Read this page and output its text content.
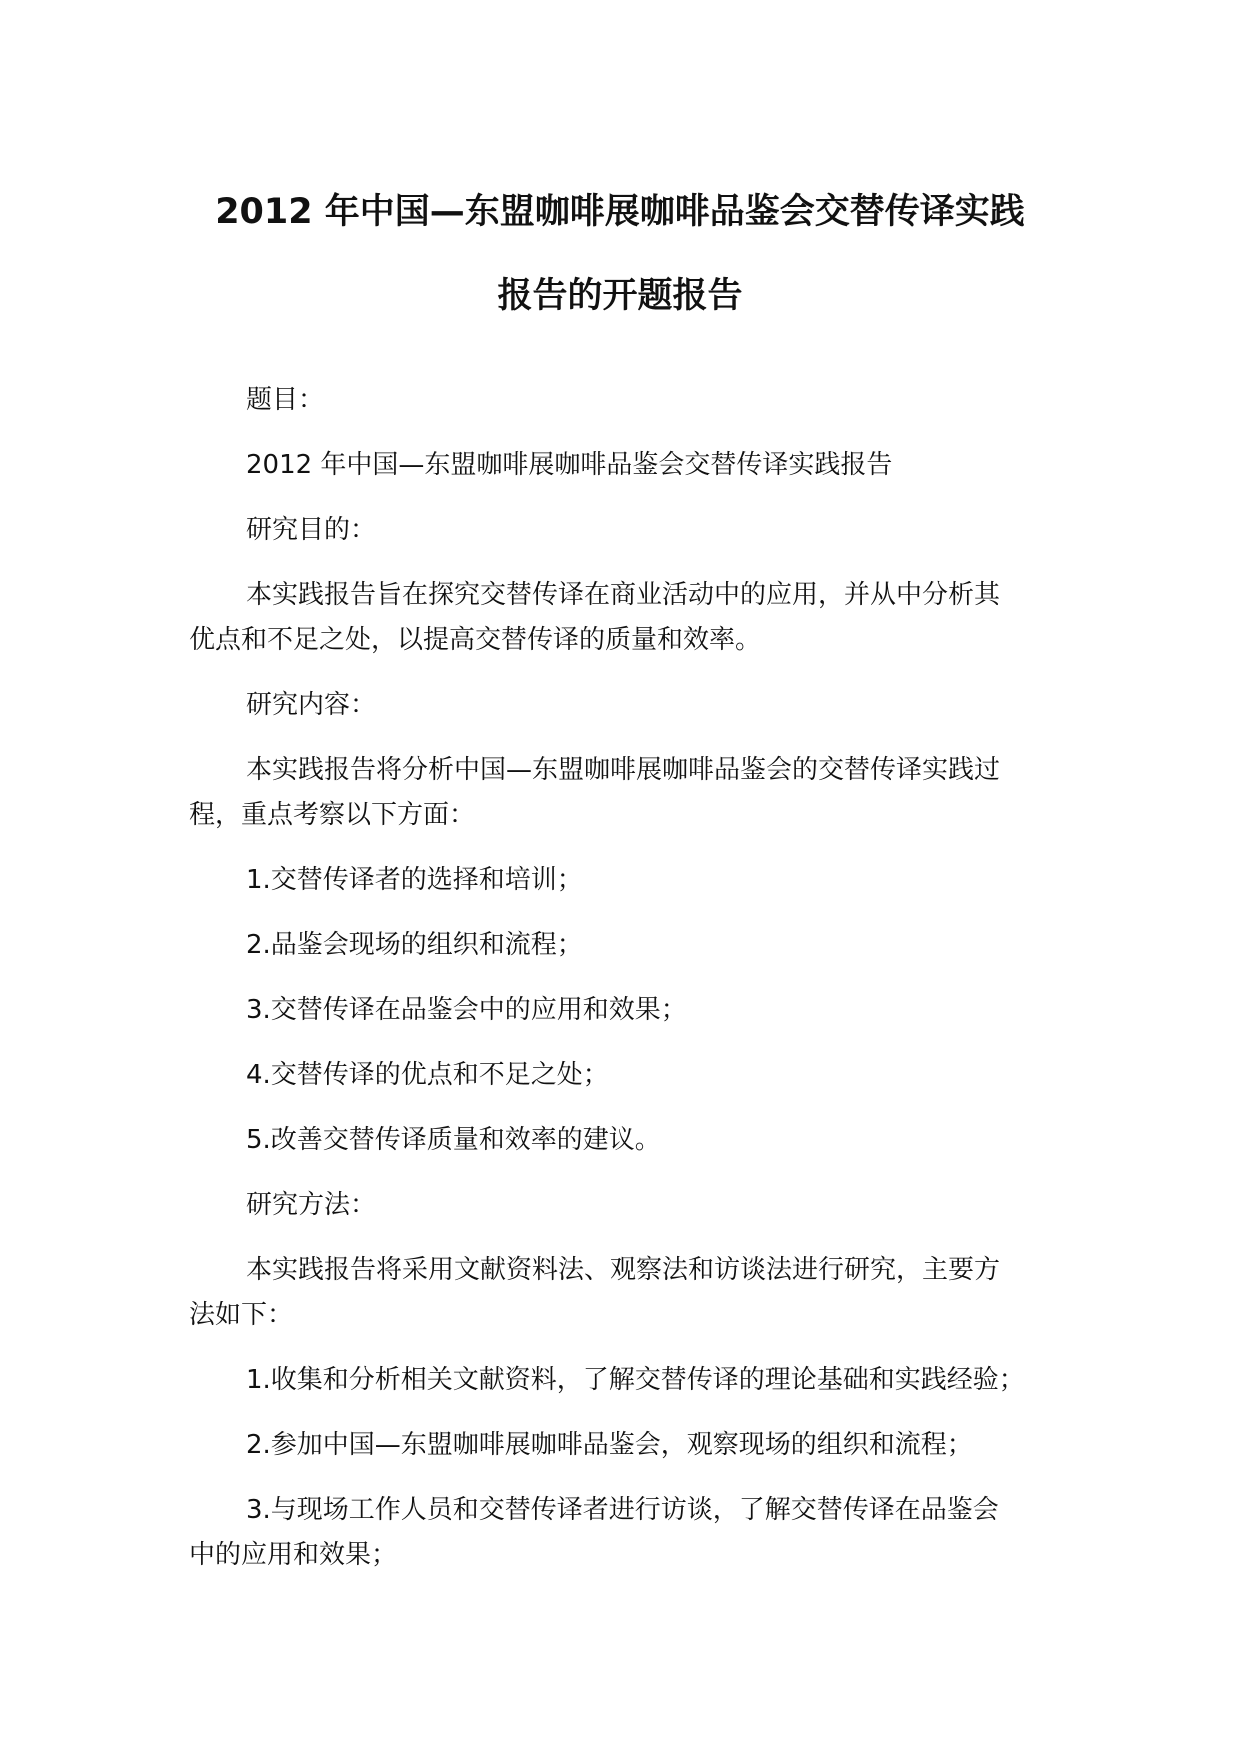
2012 年中国—东盟咖啡展咖啡品鉴会交替传译实践
报告的开题报告

题目：

2012 年中国—东盟咖啡展咖啡品鉴会交替传译实践报告

研究目的：

本实践报告旨在探究交替传译在商业活动中的应用，并从中分析其
优点和不足之处，以提高交替传译的质量和效率。

研究内容：

本实践报告将分析中国—东盟咖啡展咖啡品鉴会的交替传译实践过
程，重点考察以下方面：

1.交替传译者的选择和培训；

2.品鉴会现场的组织和流程；

3.交替传译在品鉴会中的应用和效果；

4.交替传译的优点和不足之处；

5.改善交替传译质量和效率的建议。

研究方法：

本实践报告将采用文献资料法、观察法和访谈法进行研究，主要方
法如下：

1.收集和分析相关文献资料，了解交替传译的理论基础和实践经验；

2.参加中国—东盟咖啡展咖啡品鉴会，观察现场的组织和流程；

3.与现场工作人员和交替传译者进行访谈，了解交替传译在品鉴会
中的应用和效果；
